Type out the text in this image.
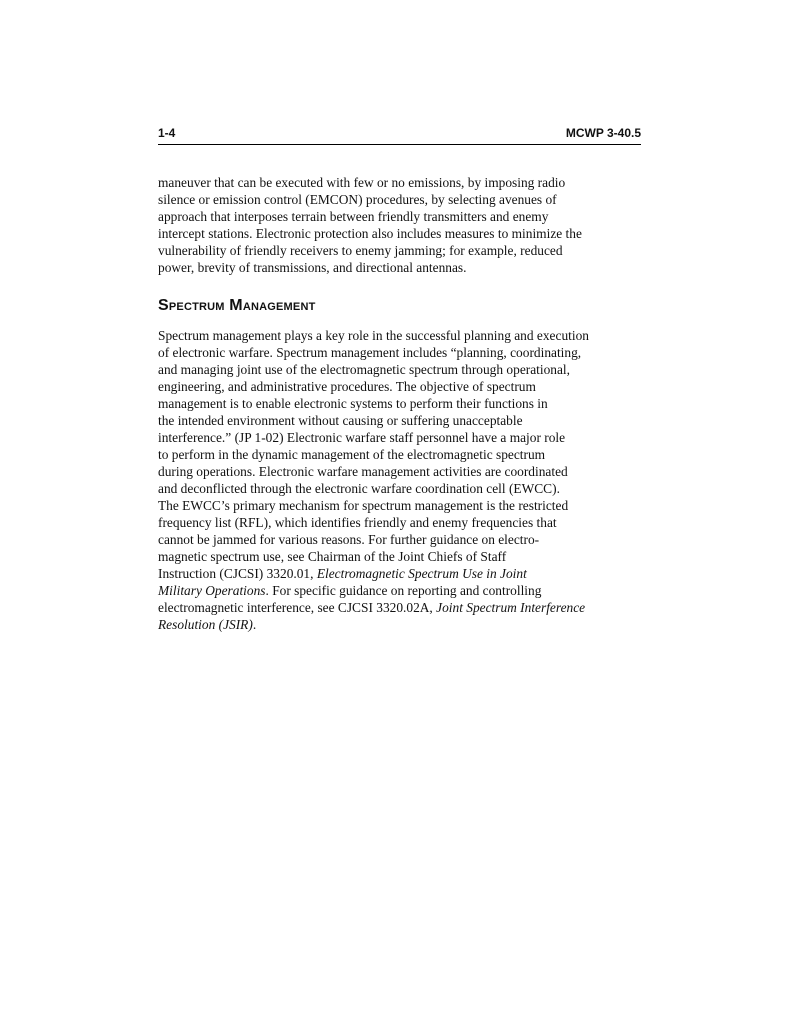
1-4	MCWP 3-40.5

maneuver that can be executed with few or no emissions, by imposing radio
silence or emission control (EMCON) procedures, by selecting avenues of
approach that interposes terrain between friendly transmitters and enemy
intercept stations. Electronic protection also includes measures to minimize the
vulnerability of friendly receivers to enemy jamming; for example, reduced
power, brevity of transmissions, and directional antennas.

Spectrum Management

Spectrum management plays a key role in the successful planning and execution
of electronic warfare. Spectrum management includes “planning, coordinating,
and managing joint use of the electromagnetic spectrum through operational,
engineering, and administrative procedures. The objective of spectrum
management is to enable electronic systems to perform their functions in
the intended environment without causing or suffering unacceptable
interference.” (JP 1-02) Electronic warfare staff personnel have a major role
to perform in the dynamic management of the electromagnetic spectrum
during operations. Electronic warfare management activities are coordinated
and deconflicted through the electronic warfare coordination cell (EWCC).
The EWCC’s primary mechanism for spectrum management is the restricted
frequency list (RFL), which identifies friendly and enemy frequencies that
cannot be jammed for various reasons. For further guidance on electro-
magnetic spectrum use, see Chairman of the Joint Chiefs of Staff
Instruction (CJCSI) 3320.01, Electromagnetic Spectrum Use in Joint
Military Operations. For specific guidance on reporting and controlling
electromagnetic interference, see CJCSI 3320.02A, Joint Spectrum Interference
Resolution (JSIR).
